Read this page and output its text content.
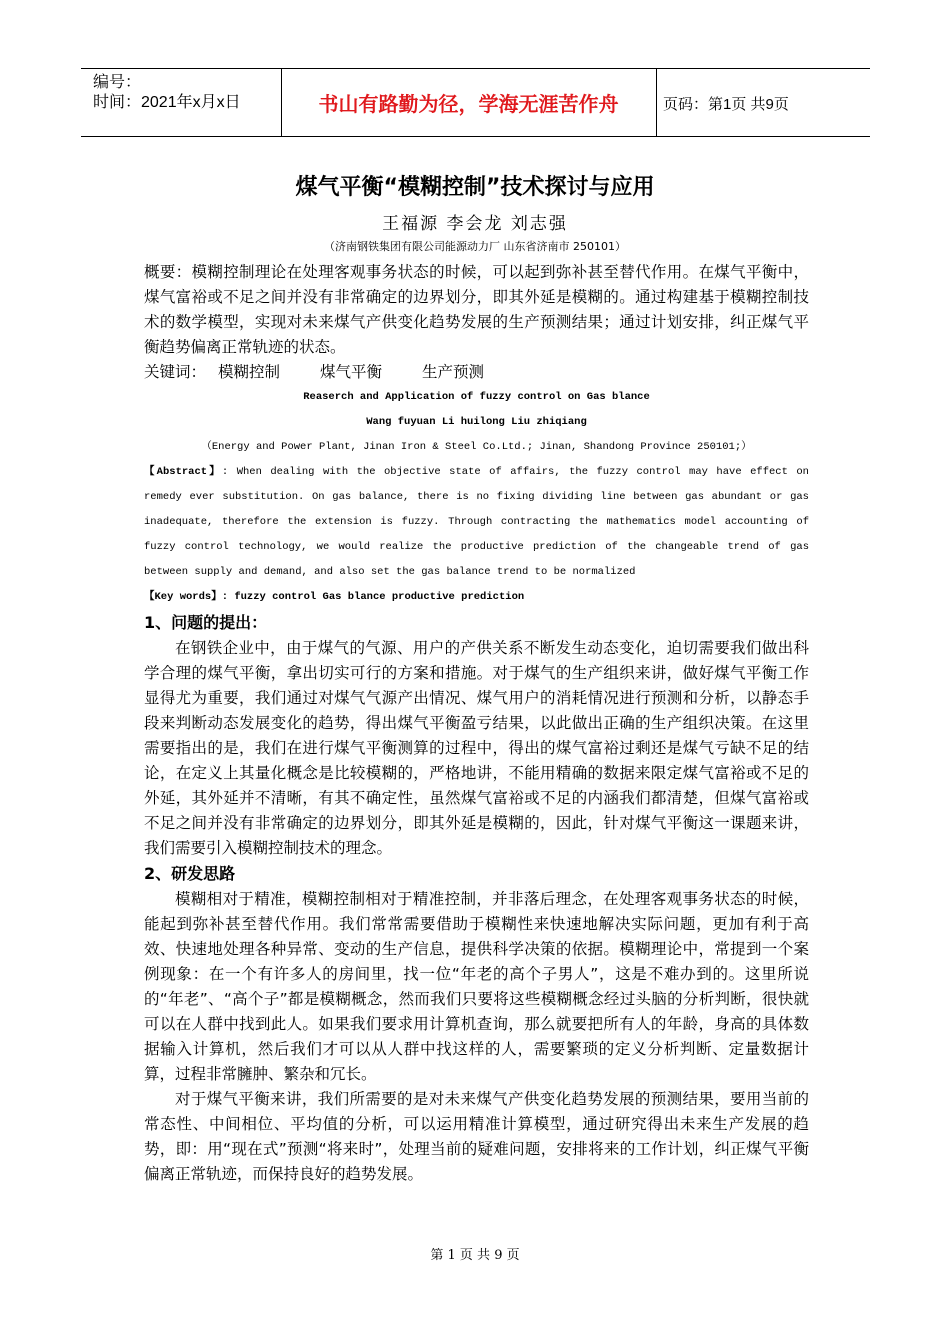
编号：
时间：2021年x月x日	书山有路勤为径，学海无涯苦作舟	页码：第1页 共9页
煤气平衡“模糊控制”技术探讨与应用
王福源 李会龙 刘志强
（济南钢铁集团有限公司能源动力厂 山东省济南市 250101）

概要：模糊控制理论在处理客观事务状态的时候，可以起到弥补甚至替代作用。在煤气平衡中，煤气富裕或不足之间并没有非常确定的边界划分，即其外延是模糊的。通过构建基于模糊控制技术的数学模型，实现对未来煤气产供变化趋势发展的生产预测结果；通过计划安排，纠正煤气平衡趋势偏离正常轨迹的状态。

关键词： 模糊控制	煤气平衡	生产预测

Reaserch and Application of fuzzy control on Gas blance

Wang fuyuan Li huilong Liu zhiqiang

（Energy and Power Plant, Jinan Iron & Steel Co.Ltd.; Jinan, Shandong Province 250101;）

【Abstract】: When dealing with the objective state of affairs, the fuzzy control may have effect on remedy ever substitution. On gas balance, there is no fixing dividing line between gas abundant or gas inadequate, therefore the extension is fuzzy. Through contracting the mathematics model accounting of fuzzy control technology, we would realize the productive prediction of the changeable trend of gas between supply and demand, and also set the gas balance trend to be normalized

【Key words】: fuzzy control Gas blance productive prediction

1、问题的提出：

在钢铁企业中，由于煤气的气源、用户的产供关系不断发生动态变化，迫切需要我们做出科学合理的煤气平衡，拿出切实可行的方案和措施。对于煤气的生产组织来讲，做好煤气平衡工作显得尤为重要，我们通过对煤气气源产出情况、煤气用户的消耗情况进行预测和分析，以静态手段来判断动态发展变化的趋势，得出煤气平衡盈亏结果，以此做出正确的生产组织决策。在这里需要指出的是，我们在进行煤气平衡测算的过程中，得出的煤气富裕过剩还是煤气亏缺不足的结论，在定义上其量化概念是比较模糊的，严格地讲，不能用精确的数据来限定煤气富裕或不足的外延，其外延并不清晰，有其不确定性，虽然煤气富裕或不足的内涵我们都清楚，但煤气富裕或不足之间并没有非常确定的边界划分，即其外延是模糊的，因此，针对煤气平衡这一课题来讲，我们需要引入模糊控制技术的理念。

2、研发思路

模糊相对于精准，模糊控制相对于精准控制，并非落后理念，在处理客观事务状态的时候，能起到弥补甚至替代作用。我们常常需要借助于模糊性来快速地解决实际问题，更加有利于高效、快速地处理各种异常、变动的生产信息，提供科学决策的依据。模糊理论中，常提到一个案例现象：在一个有许多人的房间里，找一位“年老的高个子男人”，这是不难办到的。这里所说的“年老”、“高个子”都是模糊概念，然而我们只要将这些模糊概念经过头脑的分析判断，很快就可以在人群中找到此人。如果我们要求用计算机查询，那么就要把所有人的年龄，身高的具体数据输入计算机，然后我们才可以从人群中找这样的人，需要繁琐的定义分析判断、定量数据计算，过程非常臃肿、繁杂和冗长。

对于煤气平衡来讲，我们所需要的是对未来煤气产供变化趋势发展的预测结果，要用当前的常态性、中间相位、平均值的分析，可以运用精准计算模型，通过研究得出未来生产发展的趋势，即：用“现在式”预测“将来时”，处理当前的疑难问题，安排将来的工作计划，纠正煤气平衡偏离正常轨迹，而保持良好的趋势发展。

第 1 页 共 9 页
